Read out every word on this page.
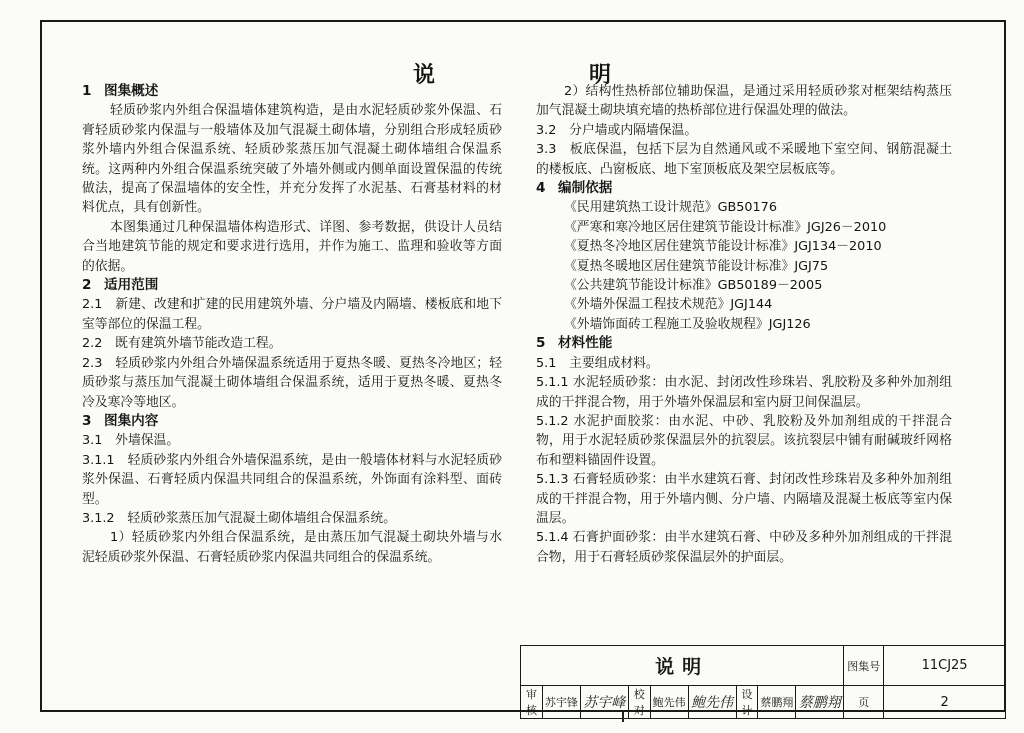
说　明
1 图集概述

轻质砂浆内外组合保温墙体建筑构造，是由水泥轻质砂浆外保温、石膏轻质砂浆内保温与一般墙体及加气混凝土砌体墙，分别组合形成轻质砂浆外墙内外组合保温系统、轻质砂浆蒸压加气混凝土砌体墙组合保温系统。这两种内外组合保温系统突破了外墙外侧或内侧单面设置保温的传统做法，提高了保温墙体的安全性，并充分发挥了水泥基、石膏基材料的材料优点，具有创新性。

本图集通过几种保温墙体构造形式、详图、参考数据，供设计人员结合当地建筑节能的规定和要求进行选用，并作为施工、监理和验收等方面的依据。

2 适用范围

2.1　新建、改建和扩建的民用建筑外墙、分户墙及内隔墙、楼板底和地下室等部位的保温工程。

2.2　既有建筑外墙节能改造工程。

2.3　轻质砂浆内外组合外墙保温系统适用于夏热冬暖、夏热冬冷地区；轻质砂浆与蒸压加气混凝土砌体墙组合保温系统，适用于夏热冬暖、夏热冬冷及寒冷等地区。

3 图集内容

3.1　外墙保温。

3.1.1　轻质砂浆内外组合外墙保温系统，是由一般墙体材料与水泥轻质砂浆外保温、石膏轻质内保温共同组合的保温系统，外饰面有涂料型、面砖型。

3.1.2　轻质砂浆蒸压加气混凝土砌体墙组合保温系统。

1）轻质砂浆内外组合保温系统，是由蒸压加气混凝土砌块外墙与水泥轻质砂浆外保温、石膏轻质砂浆内保温共同组合的保温系统。

2）结构性热桥部位辅助保温，是通过采用轻质砂浆对框架结构蒸压加气混凝土砌块填充墙的热桥部位进行保温处理的做法。

3.2　分户墙或内隔墙保温。

3.3　板底保温，包括下层为自然通风或不采暖地下室空间、钢筋混凝土的楼板底、凸窗板底、地下室顶板底及架空层板底等。

4 编制依据

《民用建筑热工设计规范》GB50176

《严寒和寒冷地区居住建筑节能设计标准》JGJ26－2010

《夏热冬冷地区居住建筑节能设计标准》JGJ134－2010

《夏热冬暖地区居住建筑节能设计标准》JGJ75

《公共建筑节能设计标准》GB50189－2005

《外墙外保温工程技术规范》JGJ144

《外墙饰面砖工程施工及验收规程》JGJ126

5 材料性能

5.1　主要组成材料。

5.1.1 水泥轻质砂浆：由水泥、封闭改性珍珠岩、乳胶粉及多种外加剂组成的干拌混合物，用于外墙外保温层和室内厨卫间保温层。

5.1.2 水泥护面胶浆：由水泥、中砂、乳胶粉及外加剂组成的干拌混合物，用于水泥轻质砂浆保温层外的抗裂层。该抗裂层中铺有耐碱玻纤网格布和塑料锚固件设置。

5.1.3 石膏轻质砂浆：由半水建筑石膏、封闭改性珍珠岩及多种外加剂组成的干拌混合物，用于外墙内侧、分户墙、内隔墙及混凝土板底等室内保温层。

5.1.4 石膏护面砂浆：由半水建筑石膏、中砂及多种外加剂组成的干拌混合物，用于石膏轻质砂浆保温层外的护面层。

说明									图集号	11CJ25
审核	苏宇锋	苏宇峰	校对	鲍先伟	鲍先伟	设计	蔡鹏翔	蔡鹏翔	页	2
